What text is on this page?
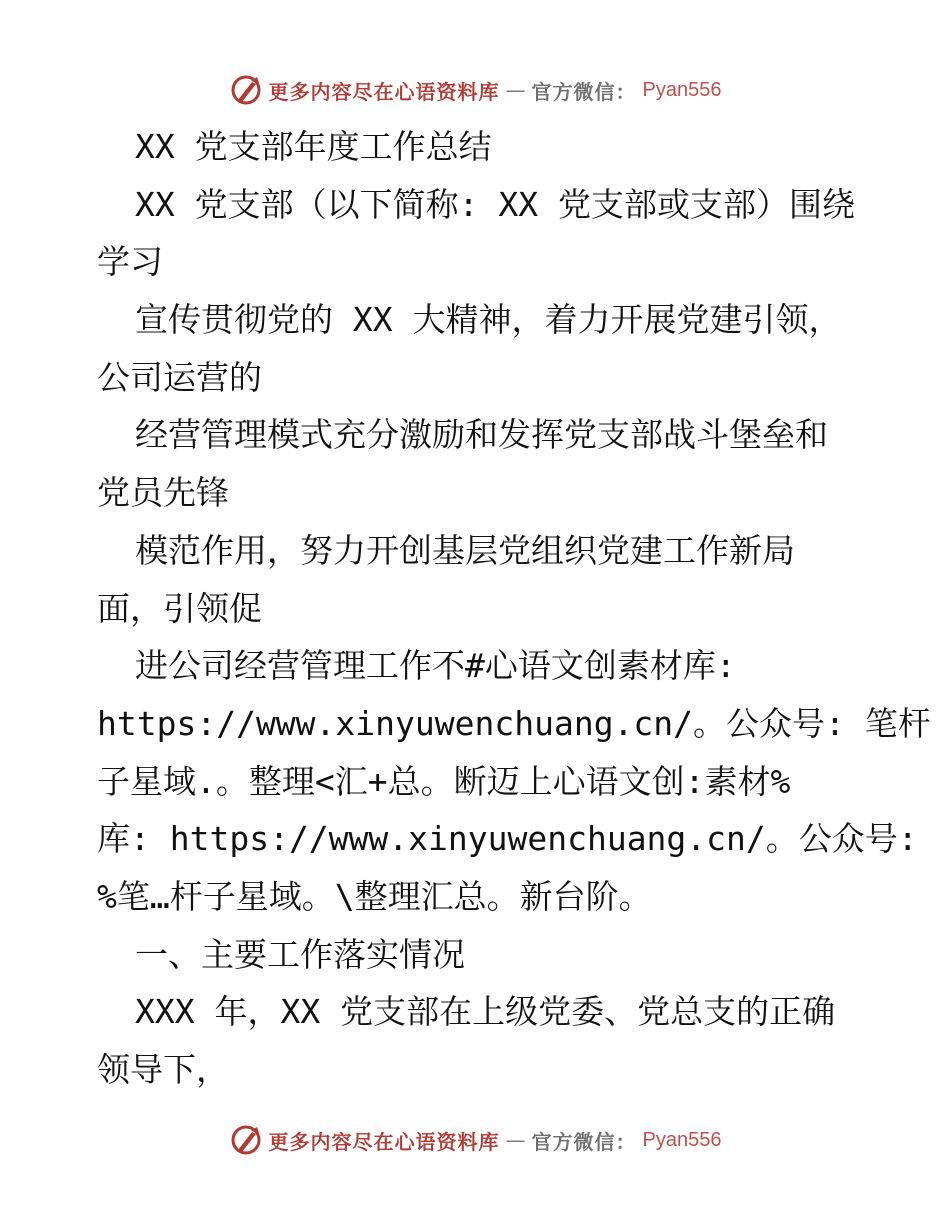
更多内容尽在心语资料库 — 官方微信： Pyan556
XX 党支部年度工作总结
XX 党支部（以下简称: XX 党支部或支部）围绕
学习
宣传贯彻党的 XX 大精神，着力开展党建引领，
公司运营的
经营管理模式充分激励和发挥党支部战斗堡垒和
党员先锋
模范作用，努力开创基层党组织党建工作新局
面，引领促
进公司经营管理工作不#心语文创素材库:
https://www.xinyuwenchuang.cn/。公众号: 笔杆
子星域.。整理<汇+总。断迈上心语文创:素材%
库: https://www.xinyuwenchuang.cn/。公众号:
%笔…杆子星域。\整理汇总。新台阶。
一、主要工作落实情况
XXX 年，XX 党支部在上级党委、党总支的正确
领导下，
更多内容尽在心语资料库 — 官方微信： Pyan556
